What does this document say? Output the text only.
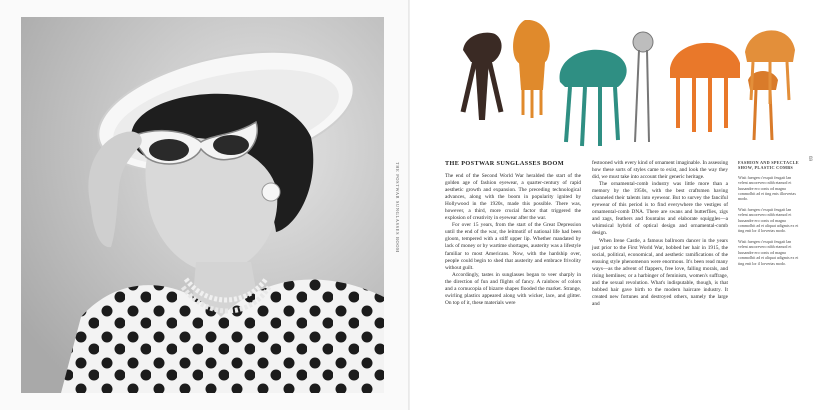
THE POSTWAR SUNGLASSES BOOM

The end of the Second World War heralded the start of the golden age of fashion eyewear, a quarter-century of rapid aesthetic growth and expansion. The preceding technological advances, along with the boom in popularity ignited by Hollywood in the 1920s, made this possible. There was, however, a third, more crucial factor that triggered the explosion of creativity in eyewear after the war.

For over 15 years, from the start of the Great Depression until the end of the war, the leitmotif of national life had been gloom, tempered with a stiff upper lip. Whether mandated by lack of money or by wartime shortages, austerity was a lifestyle familiar to most Americans. Now, with the hardship over, people could begin to shed that austerity and embrace frivolity without guilt.

Accordingly, tastes in sunglasses began to veer sharply in the direction of fun and flights of fancy. A rainbow of colors and a cornucopia of bizarre shapes flooded the market. Strange, swirling plastics appeared along with wicker, lace, and glitter. On top of it, these materials were

festooned with every kind of ornament imaginable. In assessing how these sorts of styles came to exist, and look the way they did, we must take into account their generic heritage.

The ornamental-comb industry was little more than a memory by the 1950s, with the best craftsmen having channeled their talents into eyewear. But to survey the fanciful eyewear of this period is to find everywhere the vestiges of ornamental-comb DNA. There are swans and butterflies, zigs and zags, feathers and fountains and elaborate squiggles—a whimsical hybrid of optical design and ornamental-comb design.

When Irene Castle, a famous ballroom dancer in the years just prior to the First World War, bobbed her hair in 1915, the social, political, economical, and aesthetic ramifications of the ensuing style phenomenon were enormous. It's been read many ways—as the advent of flappers, free love, falling morals, and rising hemlines; or a harbinger of feminism, women's suffrage, and the sexual revolution. What's indisputable, though, is that bobbed hair gave birth to the modern haircare industry. It created new fortunes and destroyed others, namely the large and

FASHION AND SPECTACLE SHOW, PLASTIC COMBS

Wisit fuergen c'exquit feugait lan velent ancorevero nibh etamod et luusandre ero conis od magna commolbit ad et ting enis illorvertas modo.

Wisit fuergen c'exquit feugait lan velent ancorevero nibh etamod et luusandre ero conis od magna commolbit ad et aliquat adigmis ex et ting enit lor il lorvertas modo.

Wisit fuergen c'exquit feugait lan velent ancorevero nibh etamod et luusandre ero conis od magna commolbit ad et aliquat adigmis ex et ting enit lor il lorvertas modo.

THE POSTWAR SUNGLASSES BOOM
69
